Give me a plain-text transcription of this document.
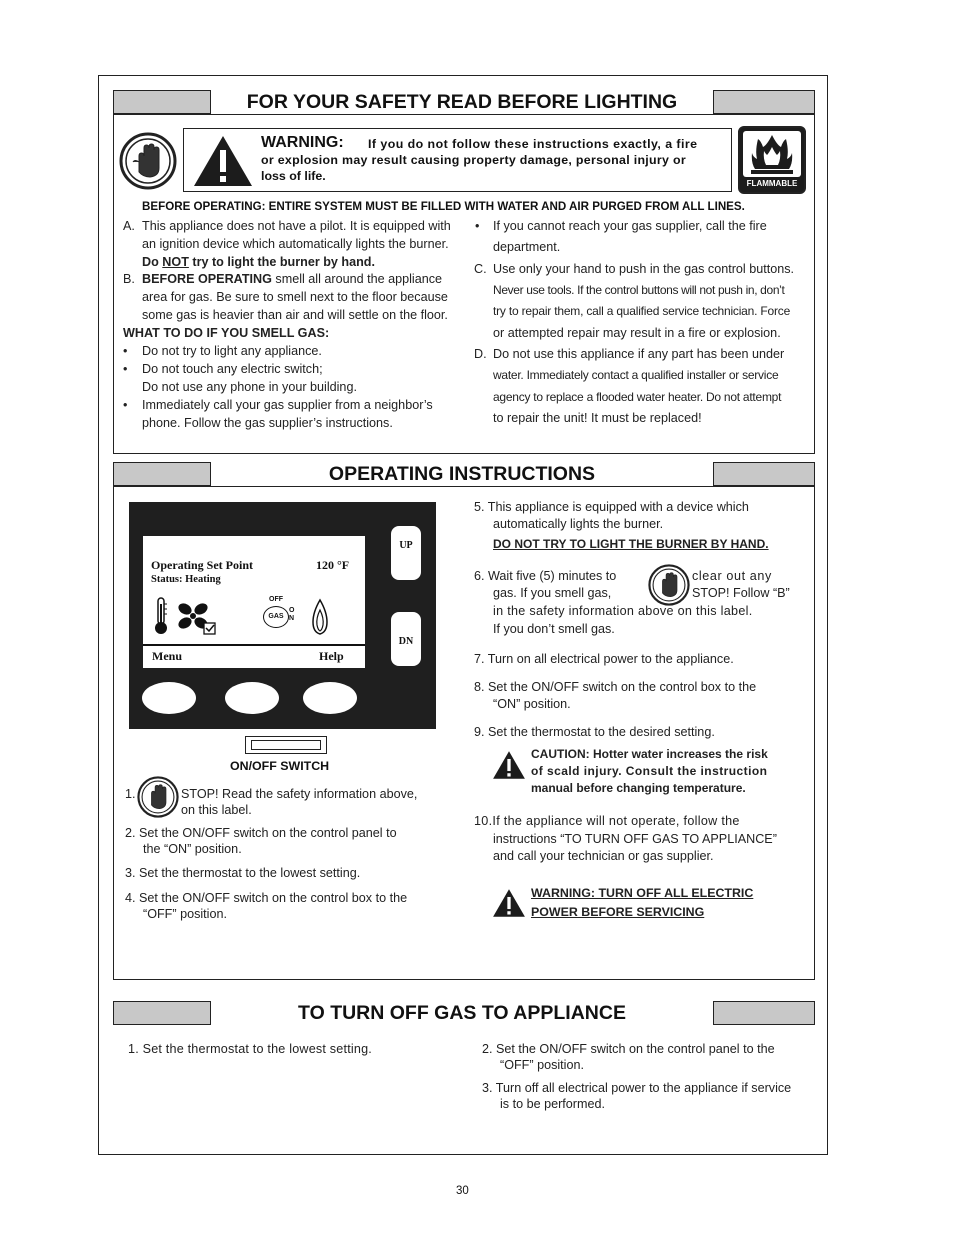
FOR YOUR SAFETY READ BEFORE LIGHTING
WARNING: If you do not follow these instructions exactly, a fire
or explosion may result causing property damage, personal injury or
loss of life.
FLAMMABLE
BEFORE OPERATING: ENTIRE SYSTEM MUST BE FILLED WITH WATER AND AIR PURGED FROM ALL LINES.
A. This appliance does not have a pilot. It is equipped with
an ignition device which automatically lights the burner.
Do NOT try to light the burner by hand.
B. BEFORE OPERATING smell all around the appliance
area for gas. Be sure to smell next to the floor because
some gas is heavier than air and will settle on the floor.
WHAT TO DO IF YOU SMELL GAS:
• Do not try to light any appliance.
• Do not touch any electric switch;
Do not use any phone in your building.
• Immediately call your gas supplier from a neighbor’s
phone. Follow the gas supplier’s instructions.
• If you cannot reach your gas supplier, call the fire
department.
C. Use only your hand to push in the gas control buttons.
Never use tools. If the control buttons will not push in, don’t
try to repair them, call a qualified service technician. Force
or attempted repair may result in a fire or explosion.
D. Do not use this appliance if any part has been under
water. Immediately contact a qualified installer or service
agency to replace a flooded water heater. Do not attempt
to repair the unit! It must be replaced!
OPERATING INSTRUCTIONS
Operating Set Point	120 °F
Status: Heating
OFF
GAS
O N
Menu	Help
UP
DN
ON/OFF SWITCH
1.	STOP! Read the safety information above,
on this label.
2. Set the ON/OFF switch on the control panel to
the “ON” position.
3. Set the thermostat to the lowest setting.
4. Set the ON/OFF switch on the control box to the
“OFF” position.
5. This appliance is equipped with a device which
automatically lights the burner.
DO NOT TRY TO LIGHT THE BURNER BY HAND.
6. Wait five (5) minutes to	clear out any
gas. If you smell gas,	STOP! Follow “B”
in the safety information above on this label.
If you don’t smell gas.
7. Turn on all electrical power to the appliance.
8. Set the ON/OFF switch on the control box to the
“ON” position.
9. Set the thermostat to the desired setting.
CAUTION: Hotter water increases the risk
of scald injury. Consult the instruction
manual before changing temperature.
10.If the appliance will not operate, follow the
instructions “TO TURN OFF GAS TO APPLIANCE”
and call your technician or gas supplier.
WARNING: TURN OFF ALL ELECTRIC
POWER BEFORE SERVICING
TO TURN OFF GAS TO APPLIANCE
1. Set the thermostat to the lowest setting.	2. Set the ON/OFF switch on the control panel to the
“OFF” position.
3. Turn off all electrical power to the appliance if service
is to be performed.
30
